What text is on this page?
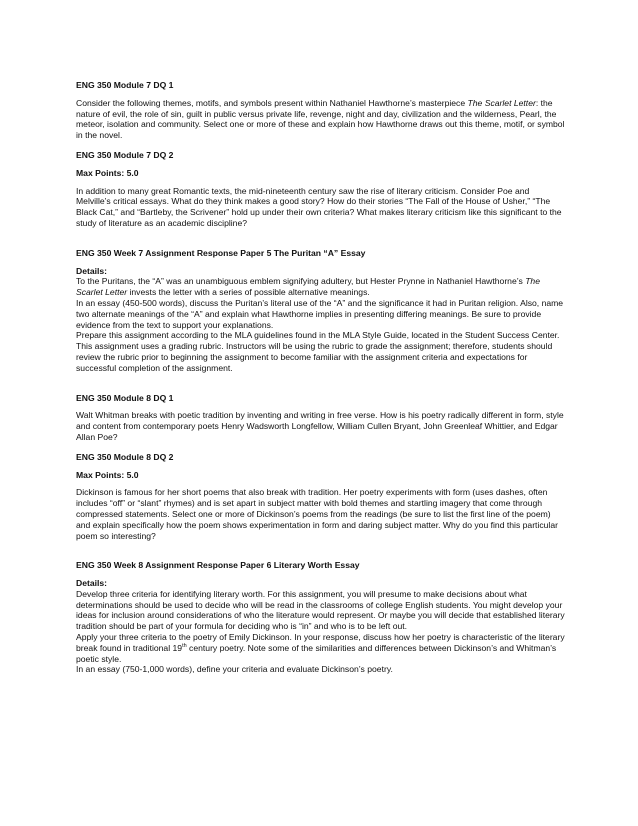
ENG 350 Module 7 DQ 1

Consider the following themes, motifs, and symbols present within Nathaniel Hawthorne’s masterpiece The Scarlet Letter: the nature of evil, the role of sin, guilt in public versus private life, revenge, night and day, civilization and the wilderness, Pearl, the meteor, isolation and community. Select one or more of these and explain how Hawthorne draws out this theme, motif, or symbol in the novel.

ENG 350 Module 7 DQ 2

Max Points: 5.0

In addition to many great Romantic texts, the mid-nineteenth century saw the rise of literary criticism. Consider Poe and Melville’s critical essays. What do they think makes a good story? How do their stories “The Fall of the House of Usher,” “The Black Cat,” and “Bartleby, the Scrivener” hold up under their own criteria? What makes literary criticism like this significant to the study of literature as an academic discipline?

ENG 350 Week 7 Assignment Response Paper 5 The Puritan “A” Essay

Details:

To the Puritans, the “A” was an unambiguous emblem signifying adultery, but Hester Prynne in Nathaniel Hawthorne’s The Scarlet Letter invests the letter with a series of possible alternative meanings.

In an essay (450-500 words), discuss the Puritan’s literal use of the “A” and the significance it had in Puritan religion. Also, name two alternate meanings of the “A” and explain what Hawthorne implies in presenting differing meanings. Be sure to provide evidence from the text to support your explanations.

Prepare this assignment according to the MLA guidelines found in the MLA Style Guide, located in the Student Success Center.

This assignment uses a grading rubric. Instructors will be using the rubric to grade the assignment; therefore, students should review the rubric prior to beginning the assignment to become familiar with the assignment criteria and expectations for successful completion of the assignment.

ENG 350 Module 8 DQ 1

Walt Whitman breaks with poetic tradition by inventing and writing in free verse. How is his poetry radically different in form, style and content from contemporary poets Henry Wadsworth Longfellow, William Cullen Bryant, John Greenleaf Whittier, and Edgar Allan Poe?

ENG 350 Module 8 DQ 2

Max Points: 5.0

Dickinson is famous for her short poems that also break with tradition. Her poetry experiments with form (uses dashes, often includes “off” or “slant” rhymes) and is set apart in subject matter with bold themes and startling imagery that come through compressed statements. Select one or more of Dickinson’s poems from the readings (be sure to list the first line of the poem) and explain specifically how the poem shows experimentation in form and daring subject matter. Why do you find this particular poem so interesting?

ENG 350 Week 8 Assignment Response Paper 6 Literary Worth Essay

Details:

Develop three criteria for identifying literary worth. For this assignment, you will presume to make decisions about what determinations should be used to decide who will be read in the classrooms of college English students. You might develop your ideas for inclusion around considerations of who the literature would represent. Or maybe you will decide that established literary tradition should be part of your formula for deciding who is “in” and who is to be left out.

Apply your three criteria to the poetry of Emily Dickinson. In your response, discuss how her poetry is characteristic of the literary break found in traditional 19th century poetry. Note some of the similarities and differences between Dickinson’s and Whitman’s poetic style.

In an essay (750-1,000 words), define your criteria and evaluate Dickinson’s poetry.
